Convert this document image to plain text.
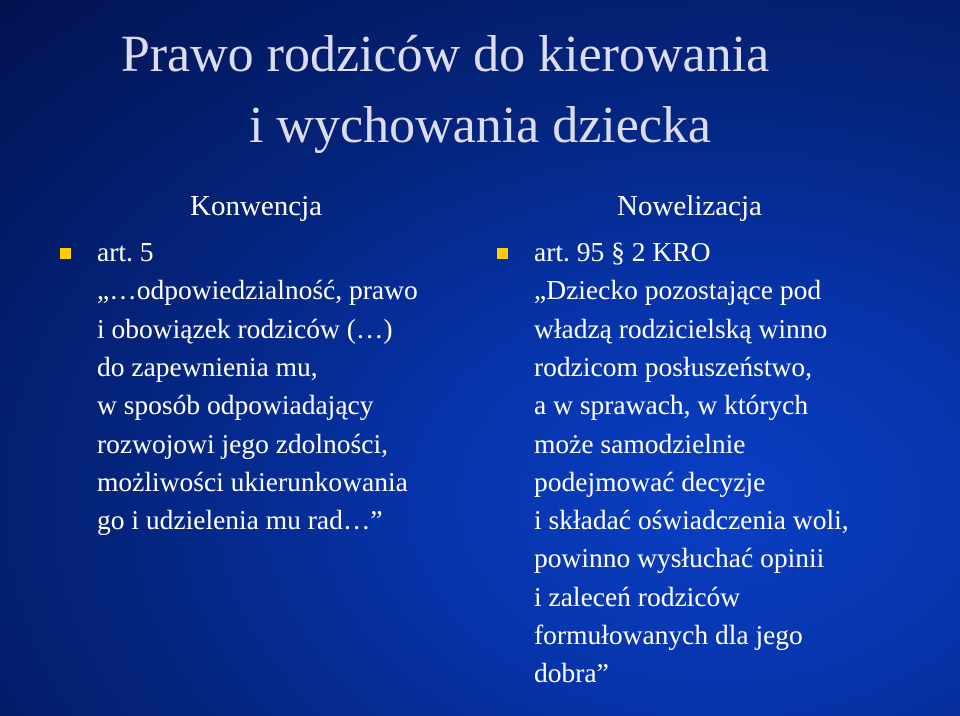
Prawo rodziców do kierowania
i wychowania dziecka
Konwencja
art. 5
„…odpowiedzialność, prawo
i obowiązek rodziców (…)
do zapewnienia mu,
w sposób odpowiadający
rozwojowi jego zdolności,
możliwości ukierunkowania
go i udzielenia mu rad…”
Nowelizacja
art. 95 § 2 KRO
„Dziecko pozostające pod
władzą rodzicielską winno
rodzicom posłuszeństwo,
a w sprawach, w których
może samodzielnie
podejmować decyzje
i składać oświadczenia woli,
powinno wysłuchać opinii
i zaleceń rodziców
formułowanych dla jego
dobra”
